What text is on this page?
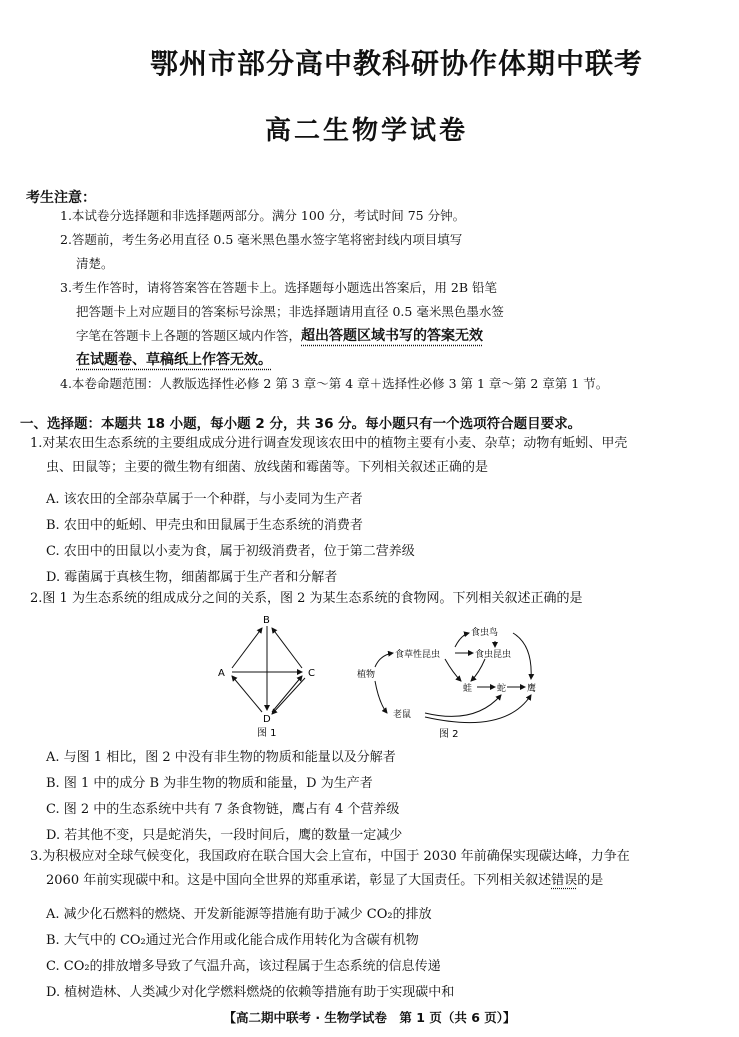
鄂州市部分高中教科研协作体期中联考
高二生物学试卷
考生注意：
1.本试卷分选择题和非选择题两部分。满分 100 分，考试时间 75 分钟。
2.答题前，考生务必用直径 0.5 毫米黑色墨水签字笔将密封线内项目填写
清楚。
3.考生作答时，请将答案答在答题卡上。选择题每小题选出答案后，用 2B 铅笔
把答题卡上对应题目的答案标号涂黑；非选择题请用直径 0.5 毫米黑色墨水签
字笔在答题卡上各题的答题区域内作答，超出答题区域书写的答案无效
在试题卷、草稿纸上作答无效。
4.本卷命题范围：人教版选择性必修 2 第 3 章～第 4 章＋选择性必修 3 第 1 章～第 2 章第 1 节。
一、选择题：本题共 18 小题，每小题 2 分，共 36 分。每小题只有一个选项符合题目要求。
1.对某农田生态系统的主要组成成分进行调查发现该农田中的植物主要有小麦、杂草；动物有蚯蚓、甲壳
虫、田鼠等；主要的微生物有细菌、放线菌和霉菌等。下列相关叙述正确的是
A. 该农田的全部杂草属于一个种群，与小麦同为生产者
B. 农田中的蚯蚓、甲壳虫和田鼠属于生态系统的消费者
C. 农田中的田鼠以小麦为食，属于初级消费者，位于第二营养级
D. 霉菌属于真核生物，细菌都属于生产者和分解者
2.图 1 为生态系统的组成成分之间的关系，图 2 为某生态系统的食物网。下列相关叙述正确的是
B
A	C
D
图 1
植物
食草性昆虫
食虫鸟
食虫昆虫
蛙	蛇 鹰
老鼠
图 2
A. 与图 1 相比，图 2 中没有非生物的物质和能量以及分解者
B. 图 1 中的成分 B 为非生物的物质和能量，D 为生产者
C. 图 2 中的生态系统中共有 7 条食物链，鹰占有 4 个营养级
D. 若其他不变，只是蛇消失，一段时间后，鹰的数量一定减少
3.为积极应对全球气候变化，我国政府在联合国大会上宣布，中国于 2030 年前确保实现碳达峰，力争在
2060 年前实现碳中和。这是中国向全世界的郑重承诺，彰显了大国责任。下列相关叙述错误的是
A. 减少化石燃料的燃烧、开发新能源等措施有助于减少 CO₂的排放
B. 大气中的 CO₂通过光合作用或化能合成作用转化为含碳有机物
C. CO₂的排放增多导致了气温升高，该过程属于生态系统的信息传递
D. 植树造林、人类减少对化学燃料燃烧的依赖等措施有助于实现碳中和
【高二期中联考 · 生物学试卷　第 1 页（共 6 页）】
